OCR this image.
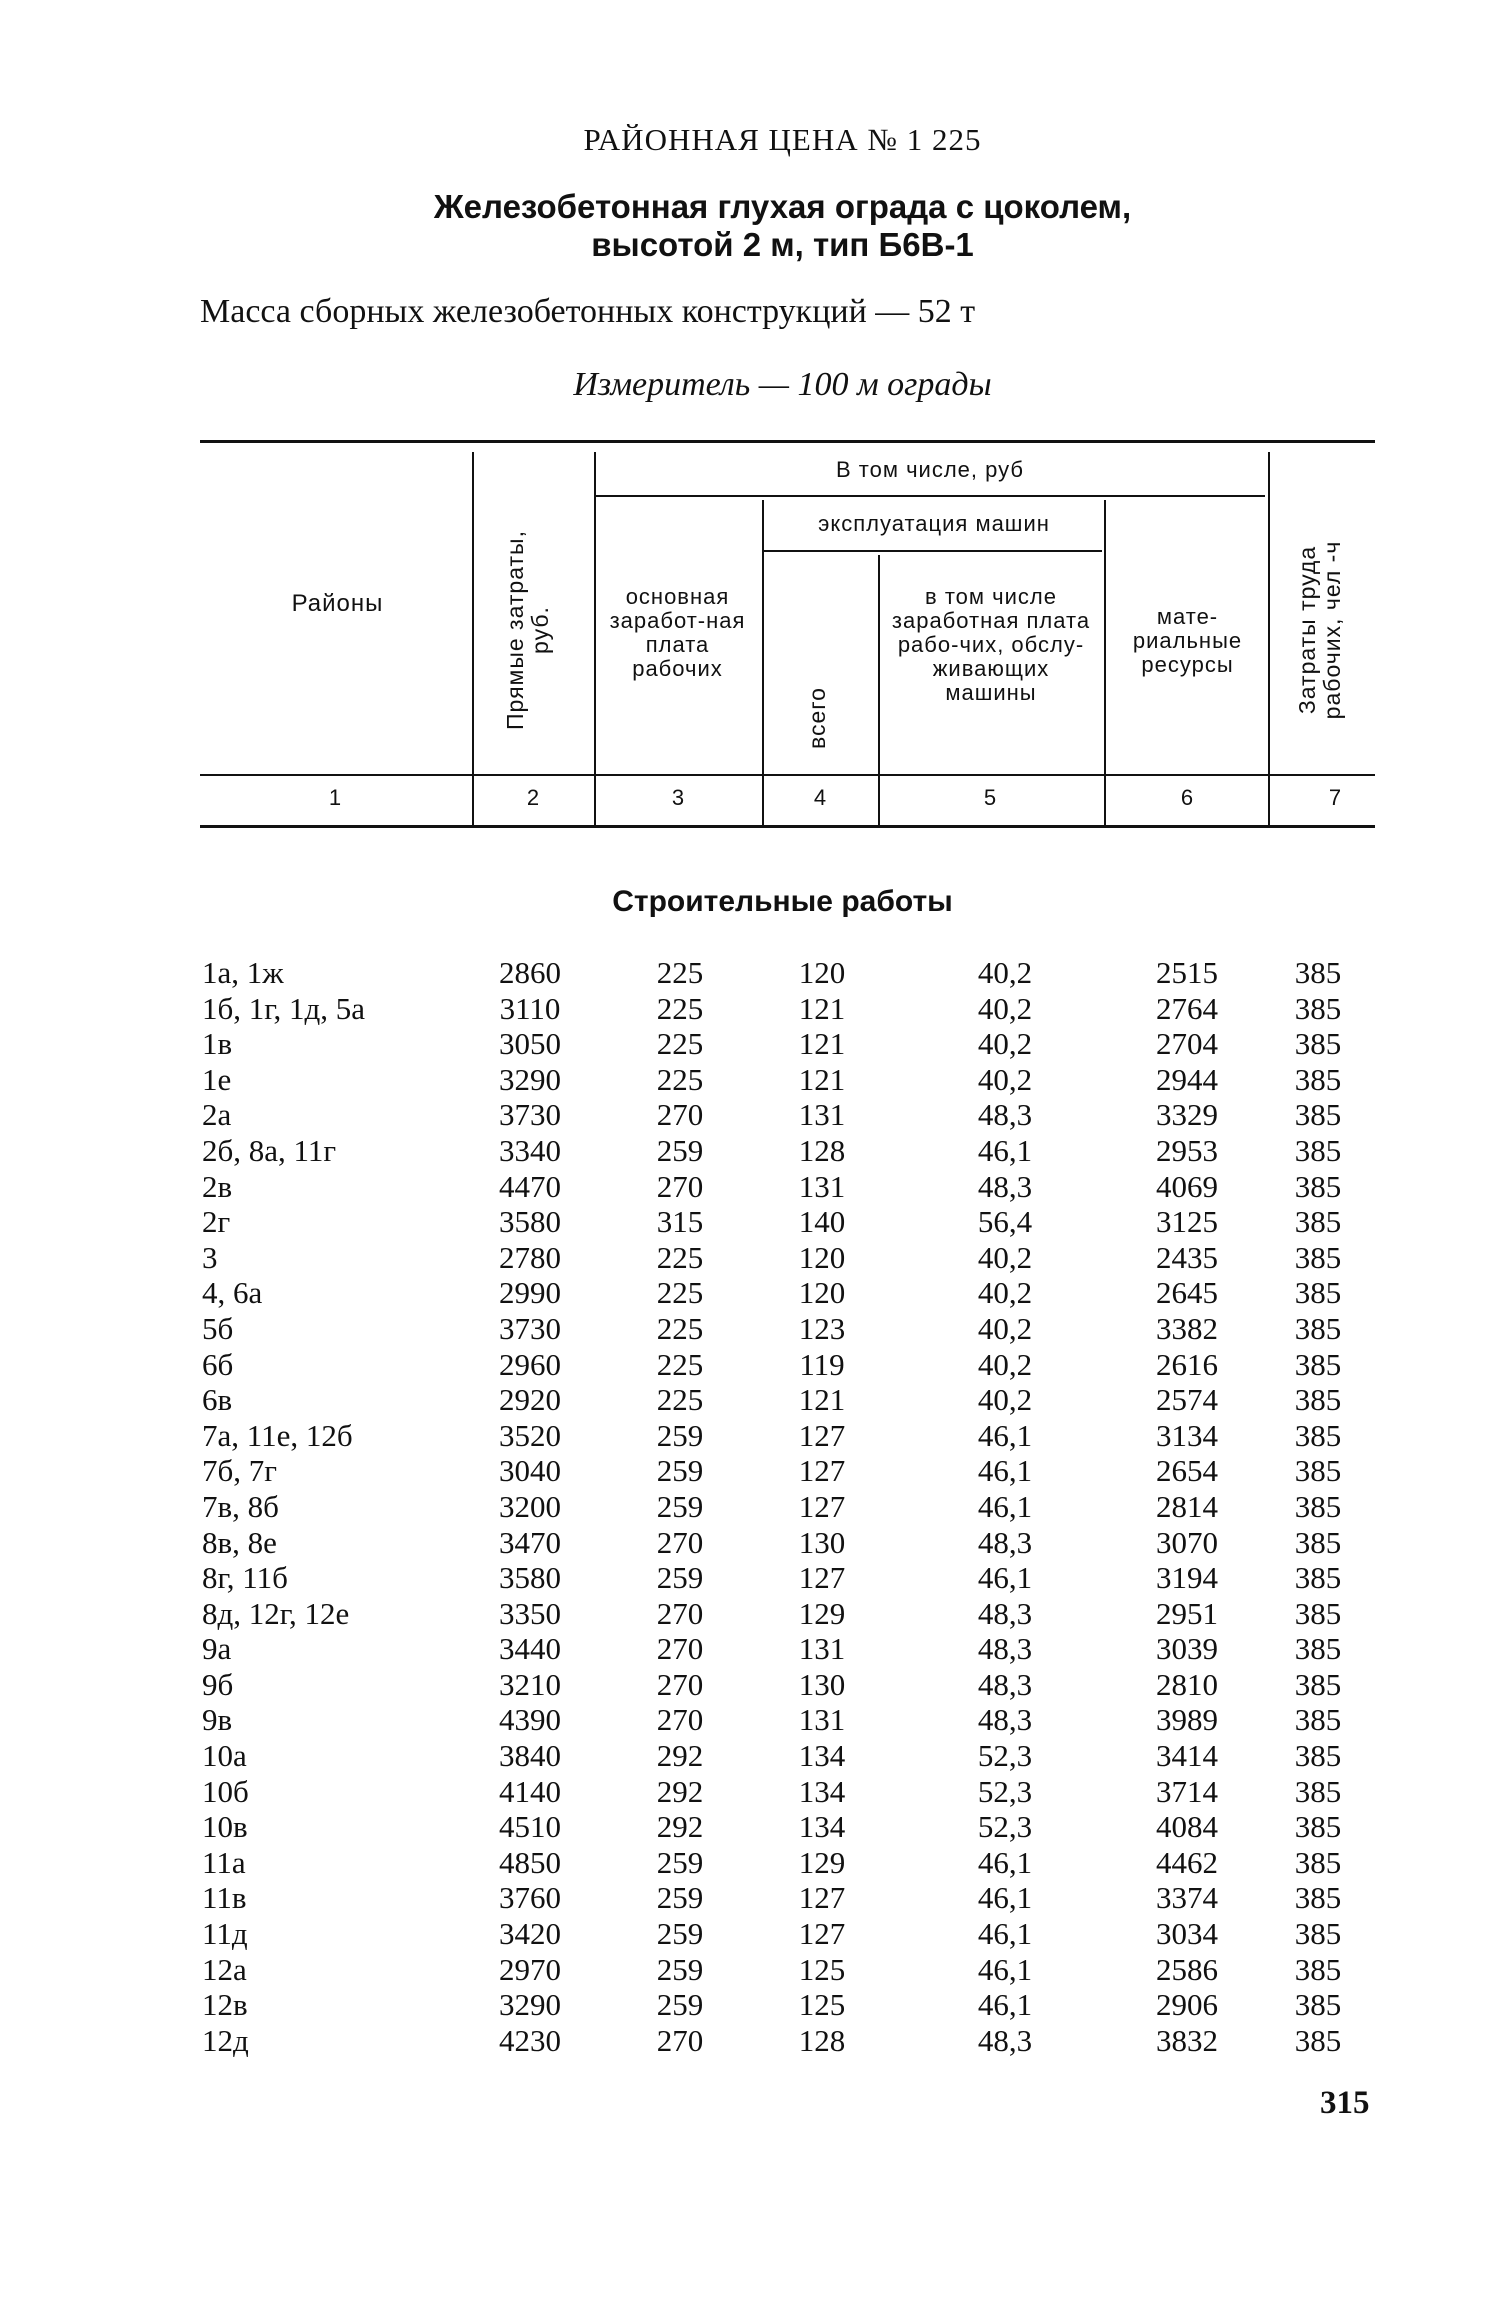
РАЙОННАЯ ЦЕНА № 1 225
Железобетонная глухая ограда с цоколем,
высотой 2 м, тип Б6В-1
Масса сборных железобетонных конструкций — 52 т
Измеритель — 100 м ограды
Районы	Прямые затраты, руб.
В том числе, руб
основная заработ-ная плата рабочих
эксплуатация машин
всего
в том числе заработная плата рабо-чих, обслу-живающих машины
мате-риальные ресурсы	Затраты труда рабочих, чел -ч
1	2	3	4	5	6	7
Строительные работы
1а, 1ж	2860	225	120	40,2	2515	385
1б, 1г, 1д, 5а	3110	225	121	40,2	2764	385
1в	3050	225	121	40,2	2704	385
1е	3290	225	121	40,2	2944	385
2а	3730	270	131	48,3	3329	385
2б, 8а, 11г	3340	259	128	46,1	2953	385
2в	4470	270	131	48,3	4069	385
2г	3580	315	140	56,4	3125	385
3	2780	225	120	40,2	2435	385
4, 6а	2990	225	120	40,2	2645	385
5б	3730	225	123	40,2	3382	385
6б	2960	225	119	40,2	2616	385
6в	2920	225	121	40,2	2574	385
7а, 11е, 12б	3520	259	127	46,1	3134	385
7б, 7г	3040	259	127	46,1	2654	385
7в, 8б	3200	259	127	46,1	2814	385
8в, 8е	3470	270	130	48,3	3070	385
8г, 11б	3580	259	127	46,1	3194	385
8д, 12г, 12е	3350	270	129	48,3	2951	385
9а	3440	270	131	48,3	3039	385
9б	3210	270	130	48,3	2810	385
9в	4390	270	131	48,3	3989	385
10а	3840	292	134	52,3	3414	385
10б	4140	292	134	52,3	3714	385
10в	4510	292	134	52,3	4084	385
11а	4850	259	129	46,1	4462	385
11в	3760	259	127	46,1	3374	385
11д	3420	259	127	46,1	3034	385
12а	2970	259	125	46,1	2586	385
12в	3290	259	125	46,1	2906	385
12д	4230	270	128	48,3	3832	385
315
